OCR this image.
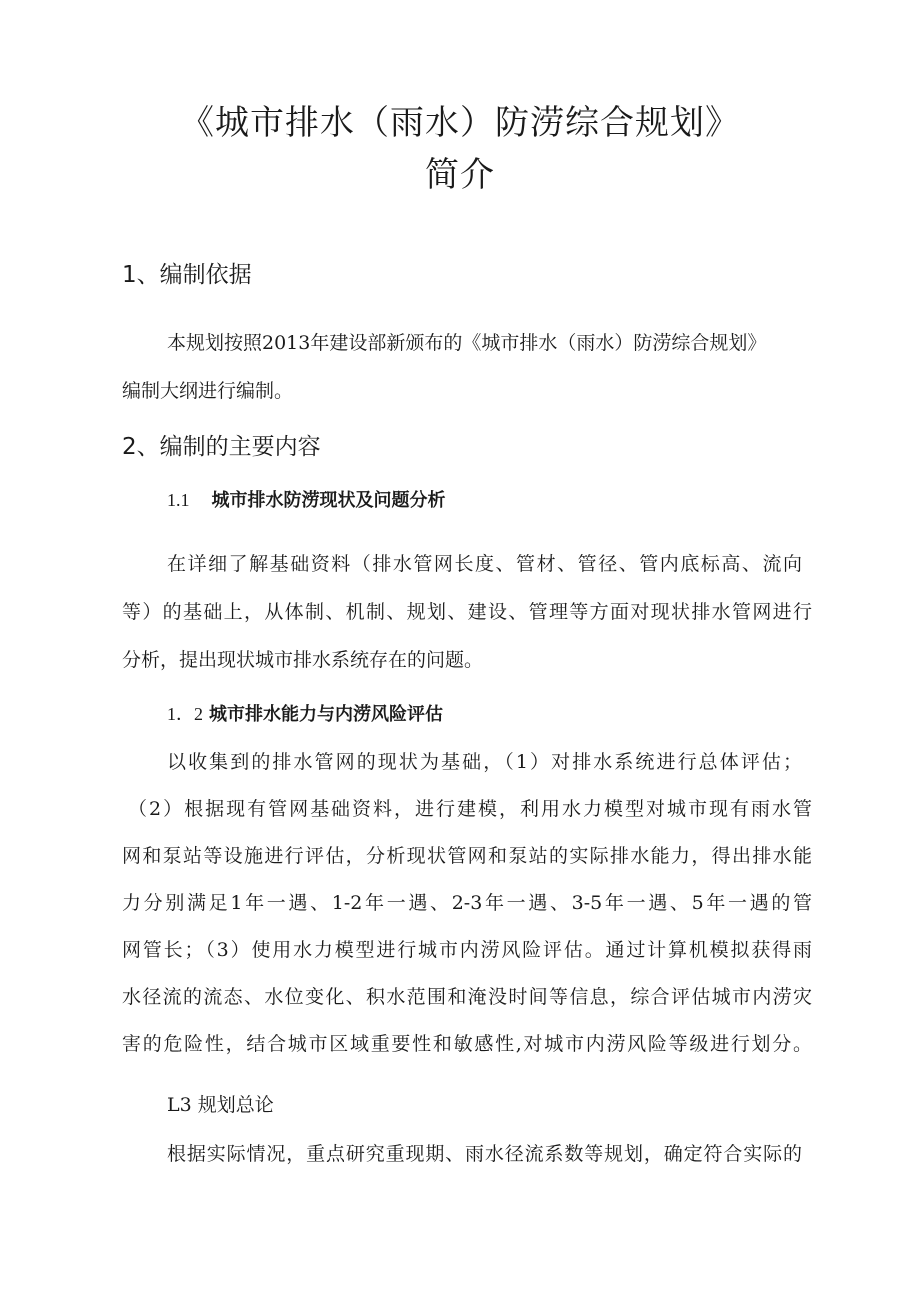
《城市排水（雨水）防涝综合规划》
简介
1、编制依据
本规划按照2013年建设部新颁布的《城市排水（雨水）防涝综合规划》
编制大纲进行编制。
2、编制的主要内容
1.1 城市排水防涝现状及问题分析
在详细了解基础资料（排水管网长度、管材、管径、管内底标高、流向
等）的基础上，从体制、机制、规划、建设、管理等方面对现状排水管网进行
分析，提出现状城市排水系统存在的问题。
1．2 城市排水能力与内涝风险评估
以收集到的排水管网的现状为基础，（1）对排水系统进行总体评估；
（2）根据现有管网基础资料，进行建模，利用水力模型对城市现有雨水管
网和泵站等设施进行评估，分析现状管网和泵站的实际排水能力，得出排水能
力分别满足1年一遇、1-2年一遇、2-3年一遇、3-5年一遇、5年一遇的管
网管长；（3）使用水力模型进行城市内涝风险评估。通过计算机模拟获得雨
水径流的流态、水位变化、积水范围和淹没时间等信息，综合评估城市内涝灾
害的危险性，结合城市区域重要性和敏感性,对城市内涝风险等级进行划分。
L3 规划总论
根据实际情况，重点研究重现期、雨水径流系数等规划，确定符合实际的
